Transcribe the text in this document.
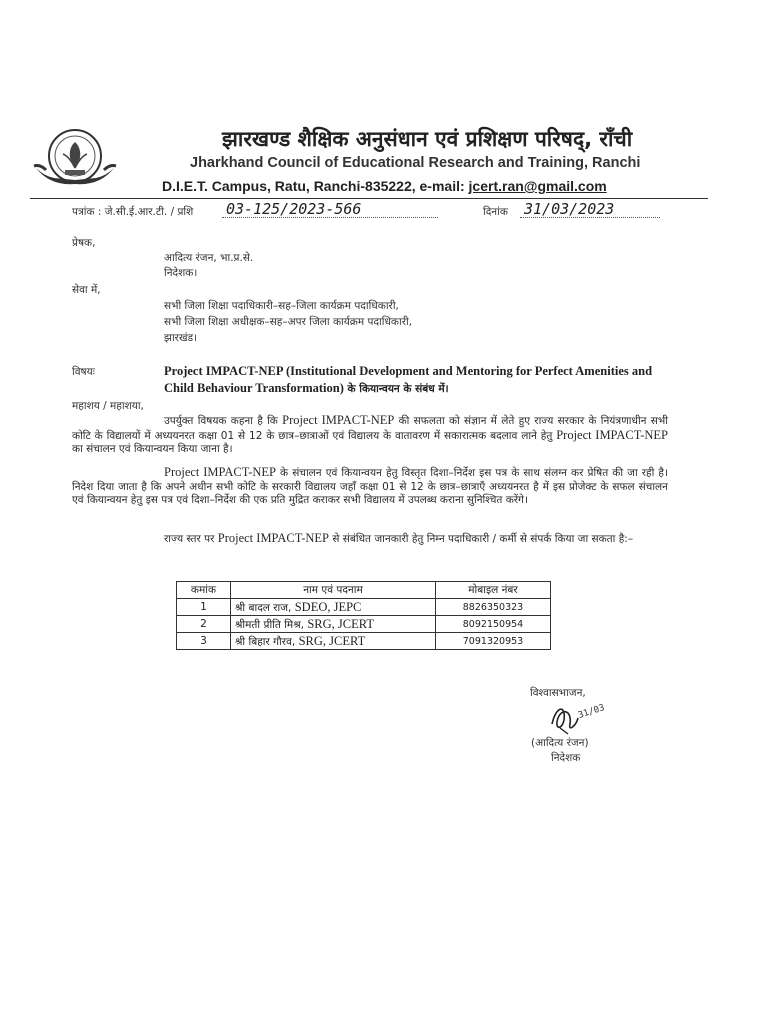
झारखण्ड शैक्षिक अनुसंधान एवं प्रशिक्षण परिषद्, राँची
Jharkhand Council of Educational Research and Training, Ranchi
D.I.E.T. Campus, Ratu, Ranchi-835222, e-mail: jcert.ran@gmail.com
पत्रांक : जे.सी.ई.आर.टी. / प्रशि 03-125/2023-566	दिनांक 31/03/2023
प्रेषक,
आदित्य रंजन, भा.प्र.से.
निदेशक।
सेवा में,
सभी जिला शिक्षा पदाधिकारी–सह–जिला कार्यक्रम पदाधिकारी,
सभी जिला शिक्षा अधीक्षक–सह–अपर जिला कार्यक्रम पदाधिकारी,
झारखंड।
विषयः	Project IMPACT-NEP (Institutional Development and Mentoring for Perfect Amenities and Child Behaviour Transformation) के कियान्वयन के संबंध में।
महाशय / महाशया,
उपर्युक्त विषयक कहना है कि Project IMPACT-NEP की सफलता को संज्ञान में लेते हुए राज्य सरकार के नियंत्रणाधीन सभी कोटि के विद्यालयों में अध्ययनरत कक्षा 01 से 12 के छात्र–छात्राओं एवं विद्यालय के वातावरण में सकारात्मक बदलाव लाने हेतु Project IMPACT-NEP का संचालन एवं कियान्वयन किया जाना है।
Project IMPACT-NEP के संचालन एवं कियान्वयन हेतु विस्तृत दिशा–निर्देश इस पत्र के साथ संलग्न कर प्रेषित की जा रही है। निदेश दिया जाता है कि अपने अधीन सभी कोटि के सरकारी विद्यालय जहाँ कक्षा 01 से 12 के छात्र–छात्राएँ अध्ययनरत है में इस प्रोजेक्ट के सफल संचालन एवं कियान्वयन हेतु इस पत्र एवं दिशा–निर्देश की एक प्रति मुद्रित कराकर सभी विद्यालय में उपलब्ध कराना सुनिश्चित करेंगे।
राज्य स्तर पर Project IMPACT-NEP से संबंधित जानकारी हेतु निम्न पदाधिकारी / कर्मी से संपर्क किया जा सकता है:–
कमांक	नाम एवं पदनाम	मोबाइल नंबर
1	श्री बादल राज, SDEO, JEPC	8826350323
2	श्रीमती प्रीति मिश्र, SRG, JCERT	8092150954
3	श्री बिहार गौरव, SRG, JCERT	7091320953
विश्वासभाजन,
31/03
(आदित्य रंजन)
निदेशक
